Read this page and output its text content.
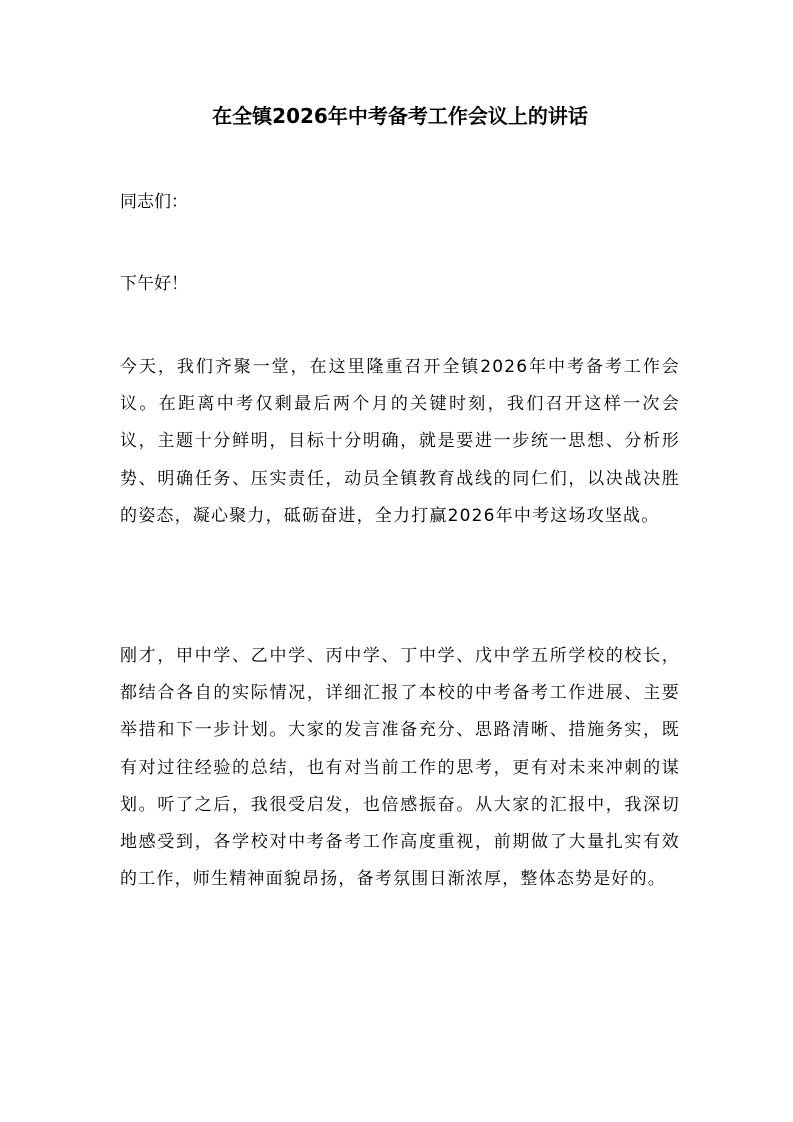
在全镇2026年中考备考工作会议上的讲话

同志们：

下午好！

今天，我们齐聚一堂，在这里隆重召开全镇2026年中考备考工作会议。在距离中考仅剩最后两个月的关键时刻，我们召开这样一次会议，主题十分鲜明，目标十分明确，就是要进一步统一思想、分析形势、明确任务、压实责任，动员全镇教育战线的同仁们，以决战决胜的姿态，凝心聚力，砥砺奋进，全力打赢2026年中考这场攻坚战。

刚才，甲中学、乙中学、丙中学、丁中学、戊中学五所学校的校长，都结合各自的实际情况，详细汇报了本校的中考备考工作进展、主要举措和下一步计划。大家的发言准备充分、思路清晰、措施务实，既有对过往经验的总结，也有对当前工作的思考，更有对未来冲刺的谋划。听了之后，我很受启发，也倍感振奋。从大家的汇报中，我深切地感受到，各学校对中考备考工作高度重视，前期做了大量扎实有效的工作，师生精神面貌昂扬，备考氛围日渐浓厚，整体态势是好的。
